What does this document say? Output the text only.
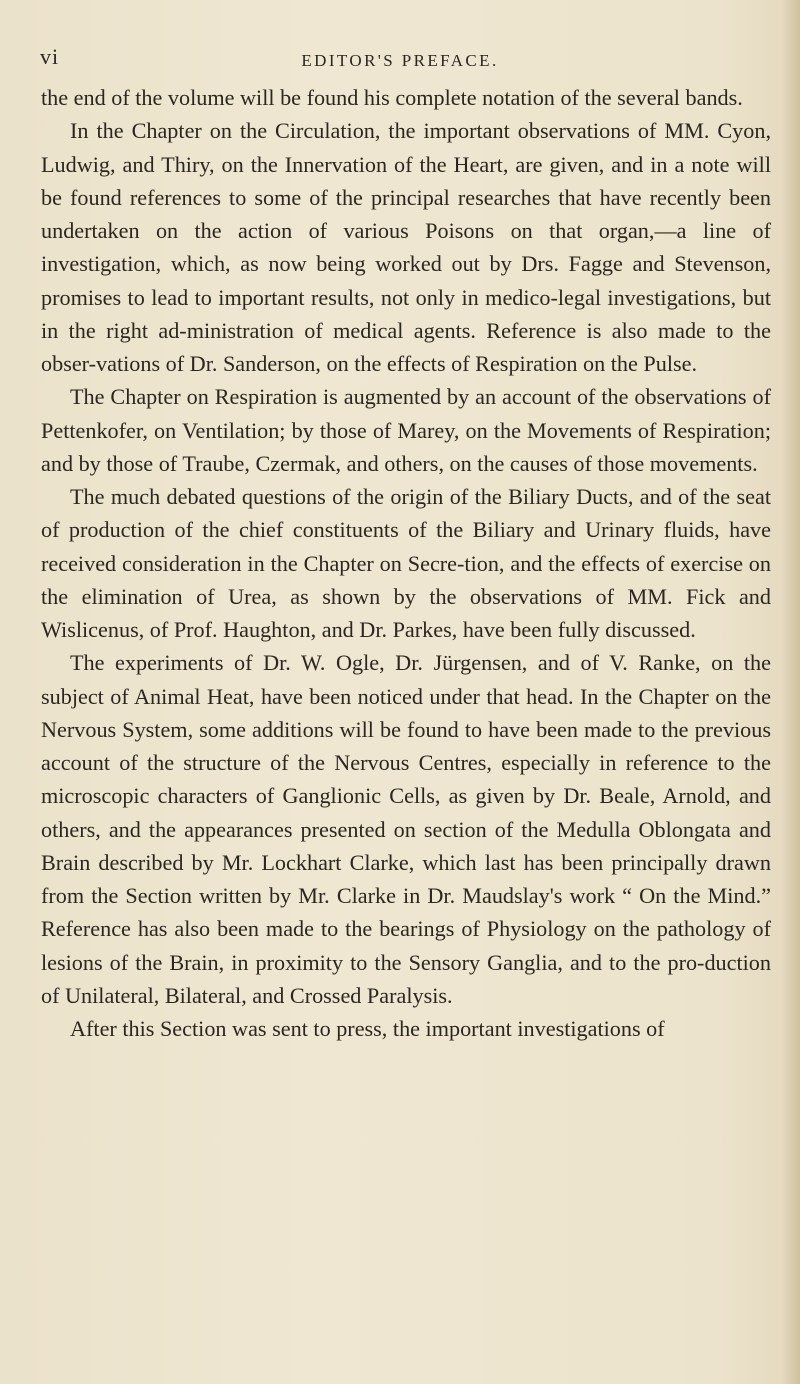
vi	EDITOR'S PREFACE.

the end of the volume will be found his complete notation of the several bands.

In the Chapter on the Circulation, the important observations of MM. Cyon, Ludwig, and Thiry, on the Innervation of the Heart, are given, and in a note will be found references to some of the principal researches that have recently been undertaken on the action of various Poisons on that organ,—a line of investigation, which, as now being worked out by Drs. Fagge and Stevenson, promises to lead to important results, not only in medico-legal investigations, but in the right ad-ministration of medical agents. Reference is also made to the obser-vations of Dr. Sanderson, on the effects of Respiration on the Pulse.

The Chapter on Respiration is augmented by an account of the observations of Pettenkofer, on Ventilation; by those of Marey, on the Movements of Respiration; and by those of Traube, Czermak, and others, on the causes of those movements.

The much debated questions of the origin of the Biliary Ducts, and of the seat of production of the chief constituents of the Biliary and Urinary fluids, have received consideration in the Chapter on Secre-tion, and the effects of exercise on the elimination of Urea, as shown by the observations of MM. Fick and Wislicenus, of Prof. Haughton, and Dr. Parkes, have been fully discussed.

The experiments of Dr. W. Ogle, Dr. Jürgensen, and of V. Ranke, on the subject of Animal Heat, have been noticed under that head. In the Chapter on the Nervous System, some additions will be found to have been made to the previous account of the structure of the Nervous Centres, especially in reference to the microscopic characters of Ganglionic Cells, as given by Dr. Beale, Arnold, and others, and the appearances presented on section of the Medulla Oblongata and Brain described by Mr. Lockhart Clarke, which last has been principally drawn from the Section written by Mr. Clarke in Dr. Maudslay's work “ On the Mind.” Reference has also been made to the bearings of Physiology on the pathology of lesions of the Brain, in proximity to the Sensory Ganglia, and to the pro-duction of Unilateral, Bilateral, and Crossed Paralysis.

After this Section was sent to press, the important investigations of
